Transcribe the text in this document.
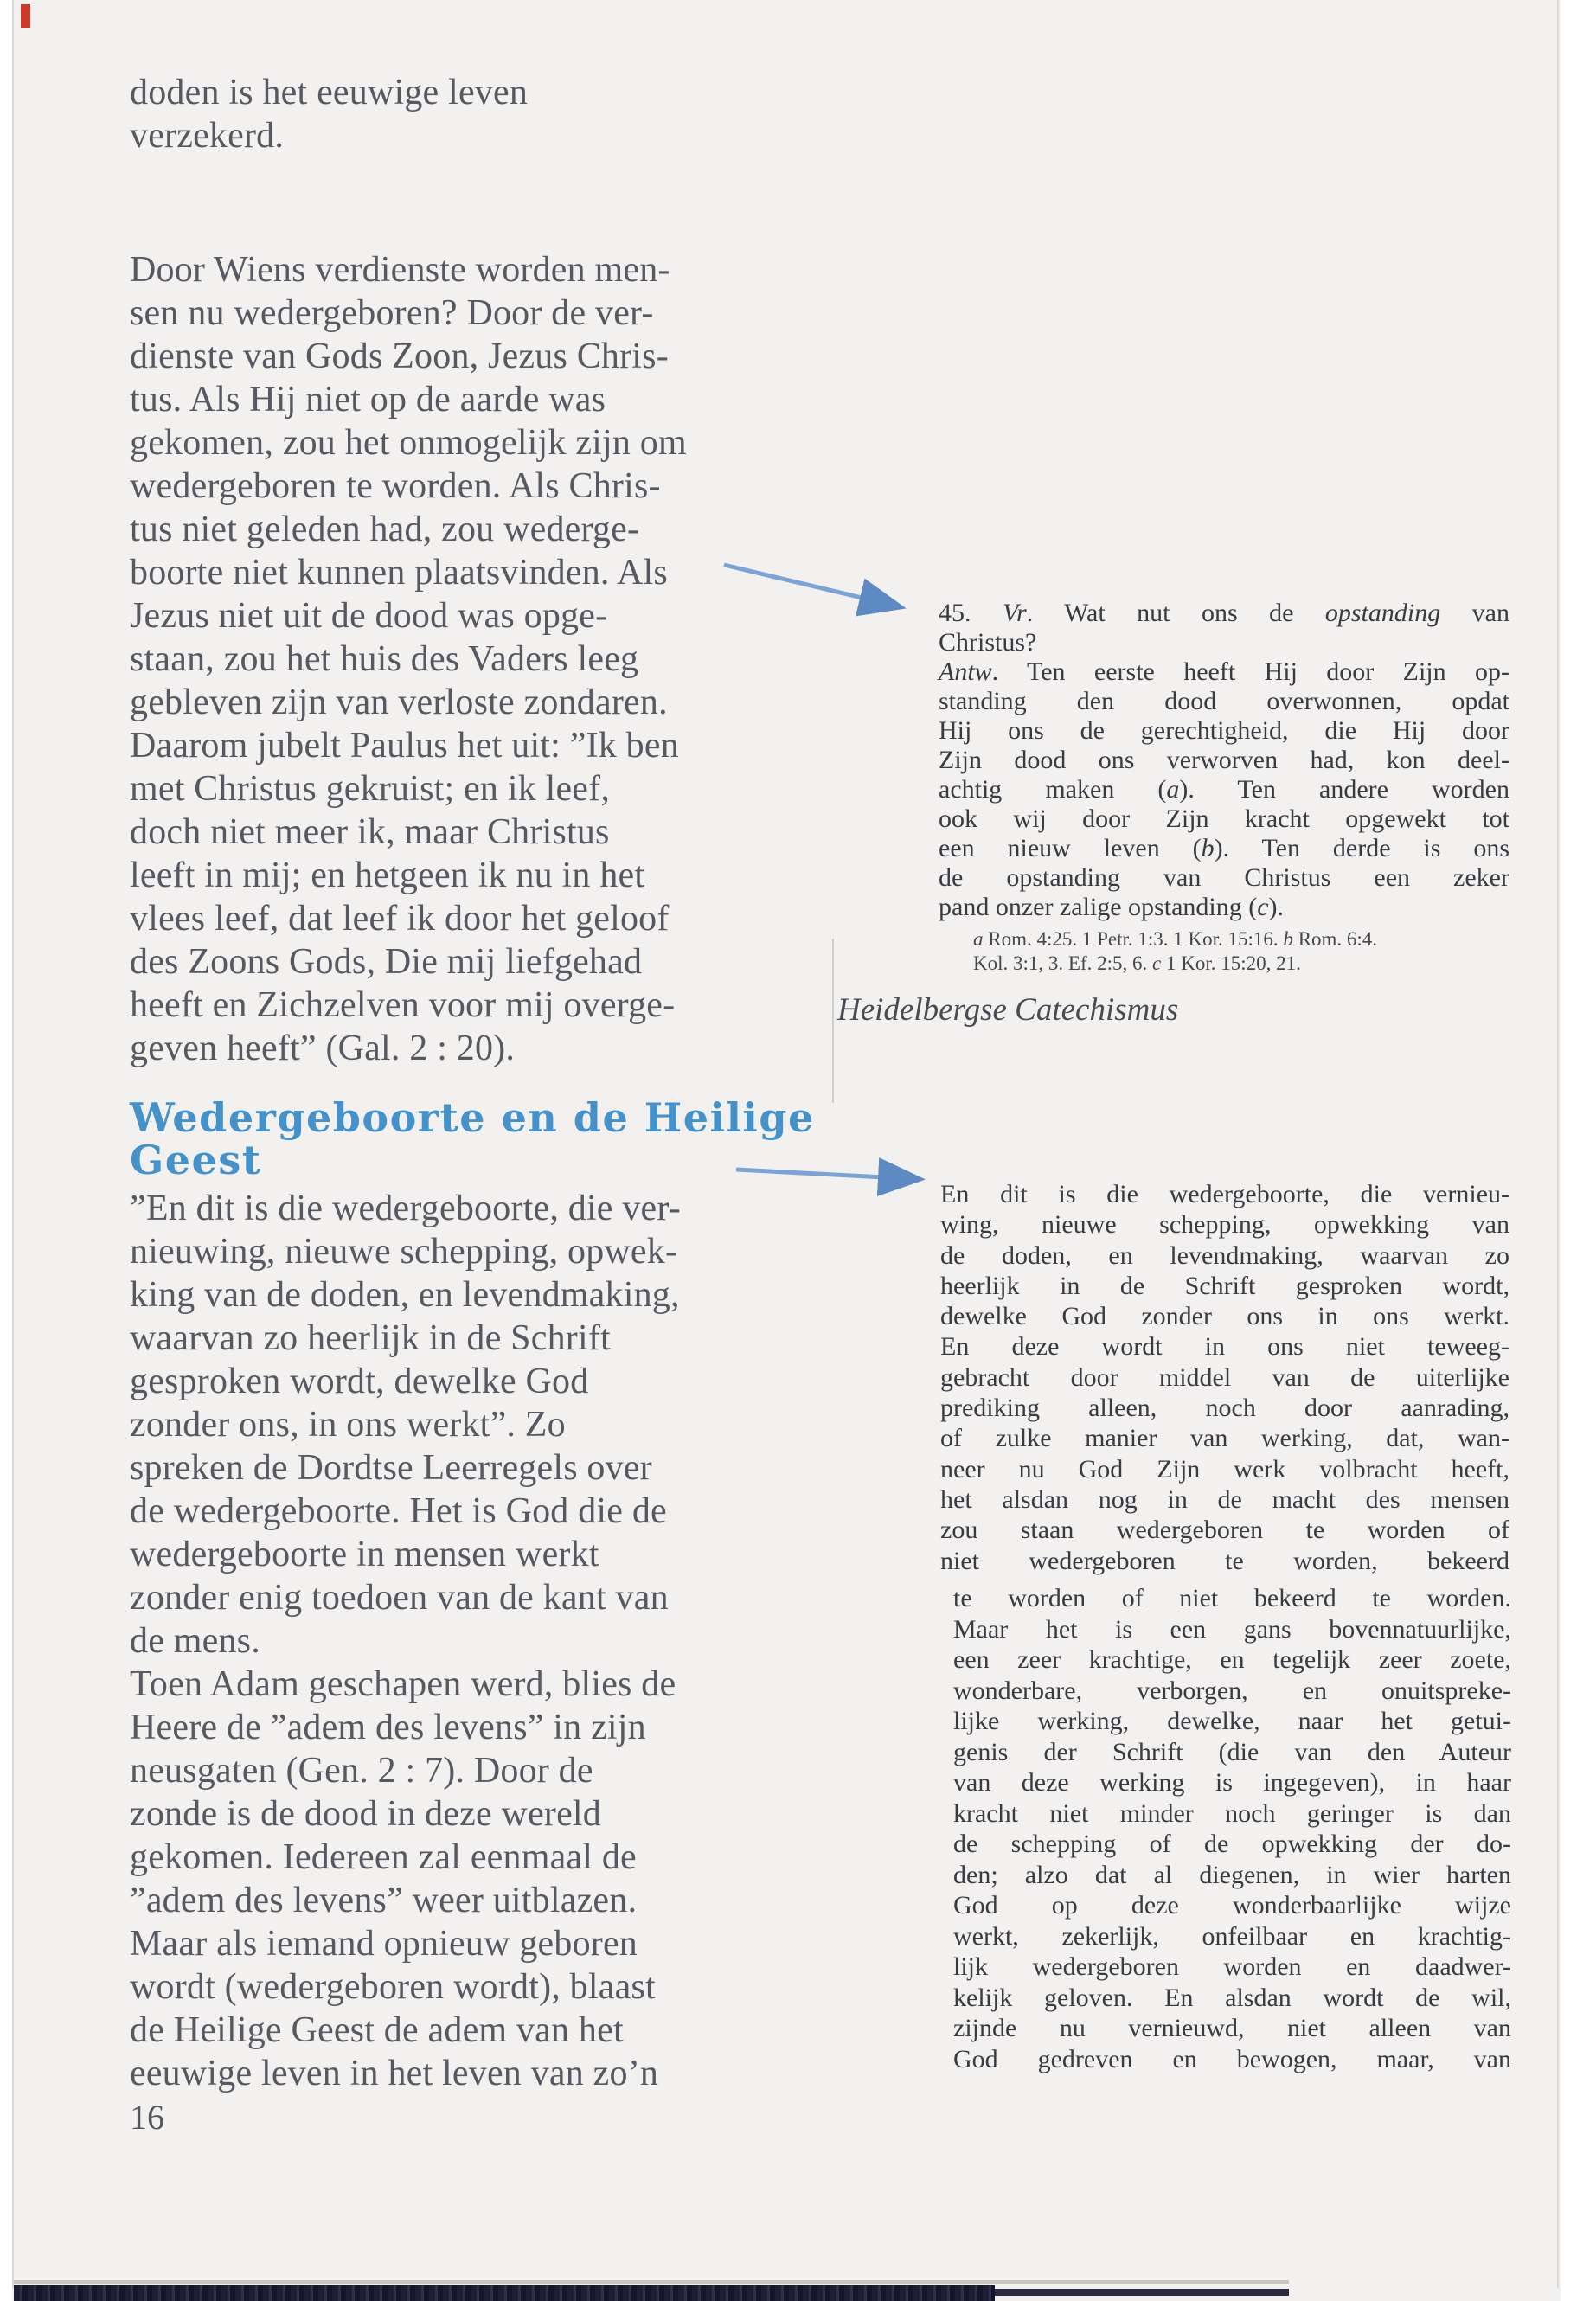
doden is het eeuwige leven
verzekerd.
Door Wiens verdienste worden men-
sen nu wedergeboren? Door de ver-
dienste van Gods Zoon, Jezus Chris-
tus. Als Hij niet op de aarde was
gekomen, zou het onmogelijk zijn om
wedergeboren te worden. Als Chris-
tus niet geleden had, zou wederge-
boorte niet kunnen plaatsvinden. Als
Jezus niet uit de dood was opge-
staan, zou het huis des Vaders leeg
gebleven zijn van verloste zondaren.
Daarom jubelt Paulus het uit: ”Ik ben
met Christus gekruist; en ik leef,
doch niet meer ik, maar Christus
leeft in mij; en hetgeen ik nu in het
vlees leef, dat leef ik door het geloof
des Zoons Gods, Die mij liefgehad
heeft en Zichzelven voor mij overge-
geven heeft” (Gal. 2 : 20).
Wedergeboorte en de Heilige
Geest
”En dit is die wedergeboorte, die ver-
nieuwing, nieuwe schepping, opwek-
king van de doden, en levendmaking,
waarvan zo heerlijk in de Schrift
gesproken wordt, dewelke God
zonder ons, in ons werkt”. Zo
spreken de Dordtse Leerregels over
de wedergeboorte. Het is God die de
wedergeboorte in mensen werkt
zonder enig toedoen van de kant van
de mens.
Toen Adam geschapen werd, blies de
Heere de ”adem des levens” in zijn
neusgaten (Gen. 2 : 7). Door de
zonde is de dood in deze wereld
gekomen. Iedereen zal eenmaal de
”adem des levens” weer uitblazen.
Maar als iemand opnieuw geboren
wordt (wedergeboren wordt), blaast
de Heilige Geest de adem van het
eeuwige leven in het leven van zo’n
16
45. Vr. Wat nut ons de opstanding van
Christus?
Antw. Ten eerste heeft Hij door Zijn op-
standing den dood overwonnen, opdat
Hij ons de gerechtigheid, die Hij door
Zijn dood ons verworven had, kon deel-
achtig maken (a). Ten andere worden
ook wij door Zijn kracht opgewekt tot
een nieuw leven (b). Ten derde is ons
de opstanding van Christus een zeker
pand onzer zalige opstanding (c).
a Rom. 4:25. 1 Petr. 1:3. 1 Kor. 15:16. b Rom. 6:4.
Kol. 3:1, 3. Ef. 2:5, 6. c 1 Kor. 15:20, 21.
Heidelbergse Catechismus
En dit is die wedergeboorte, die vernieu-
wing, nieuwe schepping, opwekking van
de doden, en levendmaking, waarvan zo
heerlijk in de Schrift gesproken wordt,
dewelke God zonder ons in ons werkt.
En deze wordt in ons niet teweeg-
gebracht door middel van de uiterlijke
prediking alleen, noch door aanrading,
of zulke manier van werking, dat, wan-
neer nu God Zijn werk volbracht heeft,
het alsdan nog in de macht des mensen
zou staan wedergeboren te worden of
niet wedergeboren te worden, bekeerd
te worden of niet bekeerd te worden.
Maar het is een gans bovennatuurlijke,
een zeer krachtige, en tegelijk zeer zoete,
wonderbare, verborgen, en onuitspreke-
lijke werking, dewelke, naar het getui-
genis der Schrift (die van den Auteur
van deze werking is ingegeven), in haar
kracht niet minder noch geringer is dan
de schepping of de opwekking der do-
den; alzo dat al diegenen, in wier harten
God op deze wonderbaarlijke wijze
werkt, zekerlijk, onfeilbaar en krachtig-
lijk wedergeboren worden en daadwer-
kelijk geloven. En alsdan wordt de wil,
zijnde nu vernieuwd, niet alleen van
God gedreven en bewogen, maar, van
